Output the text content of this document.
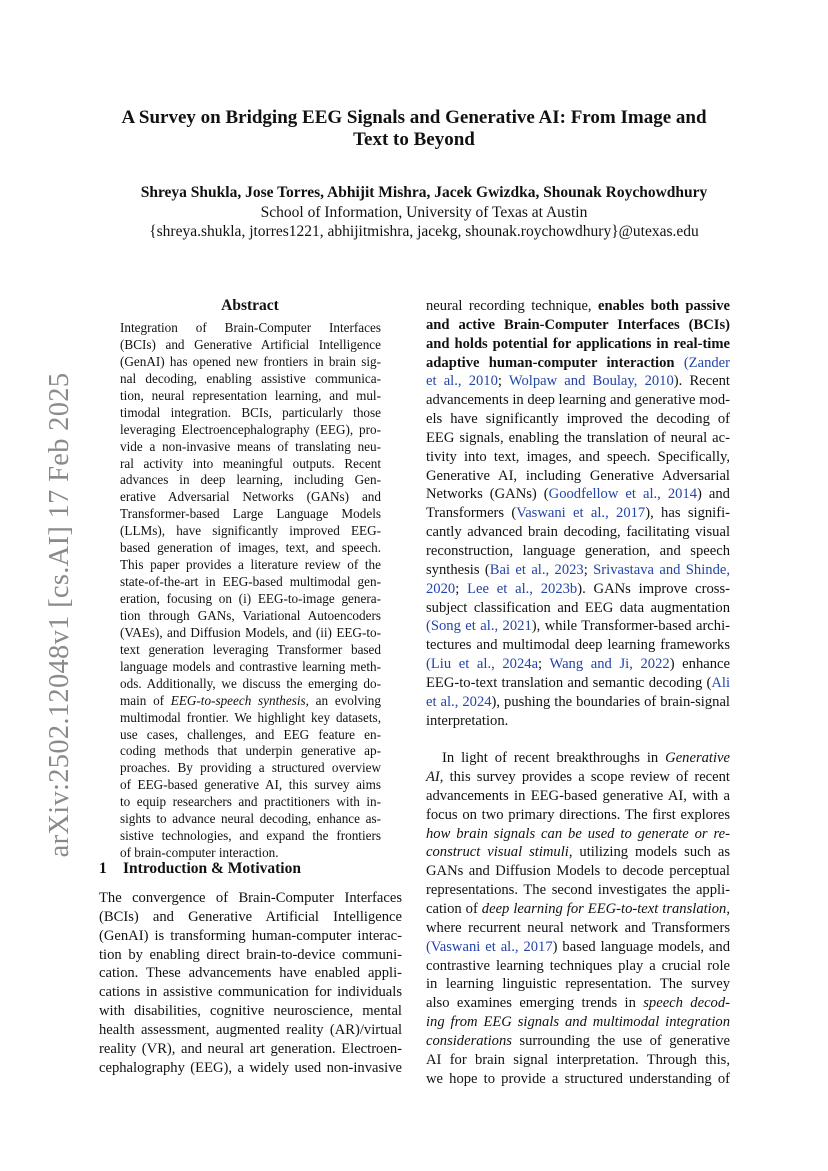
arXiv:2502.12048v1 [cs.AI] 17 Feb 2025
A Survey on Bridging EEG Signals and Generative AI: From Image and
Text to Beyond
Shreya Shukla, Jose Torres, Abhijit Mishra, Jacek Gwizdka, Shounak Roychowdhury
School of Information, University of Texas at Austin
{shreya.shukla, jtorres1221, abhijitmishra, jacekg, shounak.roychowdhury}@utexas.edu
Abstract
Integration of Brain-Computer Interfaces
(BCIs) and Generative Artificial Intelligence
(GenAI) has opened new frontiers in brain sig-
nal decoding, enabling assistive communica-
tion, neural representation learning, and mul-
timodal integration. BCIs, particularly those
leveraging Electroencephalography (EEG), pro-
vide a non-invasive means of translating neu-
ral activity into meaningful outputs. Recent
advances in deep learning, including Gen-
erative Adversarial Networks (GANs) and
Transformer-based Large Language Models
(LLMs), have significantly improved EEG-
based generation of images, text, and speech.
This paper provides a literature review of the
state-of-the-art in EEG-based multimodal gen-
eration, focusing on (i) EEG-to-image genera-
tion through GANs, Variational Autoencoders
(VAEs), and Diffusion Models, and (ii) EEG-to-
text generation leveraging Transformer based
language models and contrastive learning meth-
ods. Additionally, we discuss the emerging do-
main of EEG-to-speech synthesis, an evolving
multimodal frontier. We highlight key datasets,
use cases, challenges, and EEG feature en-
coding methods that underpin generative ap-
proaches. By providing a structured overview
of EEG-based generative AI, this survey aims
to equip researchers and practitioners with in-
sights to advance neural decoding, enhance as-
sistive technologies, and expand the frontiers
of brain-computer interaction.
1 Introduction & Motivation
The convergence of Brain-Computer Interfaces
(BCIs) and Generative Artificial Intelligence
(GenAI) is transforming human-computer interac-
tion by enabling direct brain-to-device communi-
cation. These advancements have enabled appli-
cations in assistive communication for individuals
with disabilities, cognitive neuroscience, mental
health assessment, augmented reality (AR)/virtual
reality (VR), and neural art generation. Electroen-
cephalography (EEG), a widely used non-invasive
neural recording technique, enables both passive
and active Brain-Computer Interfaces (BCIs)
and holds potential for applications in real-time
adaptive human-computer interaction (Zander
et al., 2010; Wolpaw and Boulay, 2010). Recent
advancements in deep learning and generative mod-
els have significantly improved the decoding of
EEG signals, enabling the translation of neural ac-
tivity into text, images, and speech. Specifically,
Generative AI, including Generative Adversarial
Networks (GANs) (Goodfellow et al., 2014) and
Transformers (Vaswani et al., 2017), has signifi-
cantly advanced brain decoding, facilitating visual
reconstruction, language generation, and speech
synthesis (Bai et al., 2023; Srivastava and Shinde,
2020; Lee et al., 2023b). GANs improve cross-
subject classification and EEG data augmentation
(Song et al., 2021), while Transformer-based archi-
tectures and multimodal deep learning frameworks
(Liu et al., 2024a; Wang and Ji, 2022) enhance
EEG-to-text translation and semantic decoding (Ali
et al., 2024), pushing the boundaries of brain-signal
interpretation.
In light of recent breakthroughs in Generative
AI, this survey provides a scope review of recent
advancements in EEG-based generative AI, with a
focus on two primary directions. The first explores
how brain signals can be used to generate or re-
construct visual stimuli, utilizing models such as
GANs and Diffusion Models to decode perceptual
representations. The second investigates the appli-
cation of deep learning for EEG-to-text translation,
where recurrent neural network and Transformers
(Vaswani et al., 2017) based language models, and
contrastive learning techniques play a crucial role
in learning linguistic representation. The survey
also examines emerging trends in speech decod-
ing from EEG signals and multimodal integration
considerations surrounding the use of generative
AI for brain signal interpretation. Through this,
we hope to provide a structured understanding of
